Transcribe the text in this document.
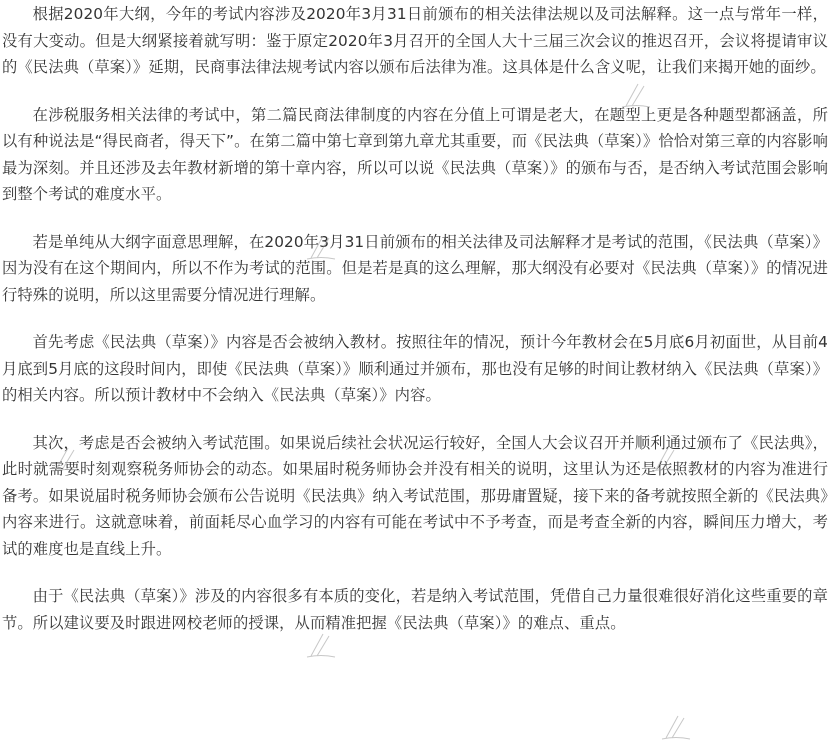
根据2020年大纲，今年的考试内容涉及2020年3月31日前颁布的相关法律法规以及司法解释。这一点与常年一样，没有大变动。但是大纲紧接着就写明：鉴于原定2020年3月召开的全国人大十三届三次会议的推迟召开，会议将提请审议的《民法典（草案）》延期，民商事法律法规考试内容以颁布后法律为准。这具体是什么含义呢，让我们来揭开她的面纱。

在涉税服务相关法律的考试中，第二篇民商法律制度的内容在分值上可谓是老大，在题型上更是各种题型都涵盖，所以有种说法是“得民商者，得天下”。在第二篇中第七章到第九章尤其重要，而《民法典（草案）》恰恰对第三章的内容影响最为深刻。并且还涉及去年教材新增的第十章内容，所以可以说《民法典（草案）》的颁布与否，是否纳入考试范围会影响到整个考试的难度水平。

若是单纯从大纲字面意思理解，在2020年3月31日前颁布的相关法律及司法解释才是考试的范围，《民法典（草案）》因为没有在这个期间内，所以不作为考试的范围。但是若是真的这么理解，那大纲没有必要对《民法典（草案）》的情况进行特殊的说明，所以这里需要分情况进行理解。

首先考虑《民法典（草案）》内容是否会被纳入教材。按照往年的情况，预计今年教材会在5月底6月初面世，从目前4月底到5月底的这段时间内，即使《民法典（草案）》顺利通过并颁布，那也没有足够的时间让教材纳入《民法典（草案）》的相关内容。所以预计教材中不会纳入《民法典（草案）》内容。

其次，考虑是否会被纳入考试范围。如果说后续社会状况运行较好，全国人大会议召开并顺利通过颁布了《民法典》，此时就需要时刻观察税务师协会的动态。如果届时税务师协会并没有相关的说明，这里认为还是依照教材的内容为准进行备考。如果说届时税务师协会颁布公告说明《民法典》纳入考试范围，那毋庸置疑，接下来的备考就按照全新的《民法典》内容来进行。这就意味着，前面耗尽心血学习的内容有可能在考试中不予考查，而是考查全新的内容，瞬间压力增大，考试的难度也是直线上升。

由于《民法典（草案）》涉及的内容很多有本质的变化，若是纳入考试范围，凭借自己力量很难很好消化这些重要的章节。所以建议要及时跟进网校老师的授课，从而精准把握《民法典（草案）》的难点、重点。
